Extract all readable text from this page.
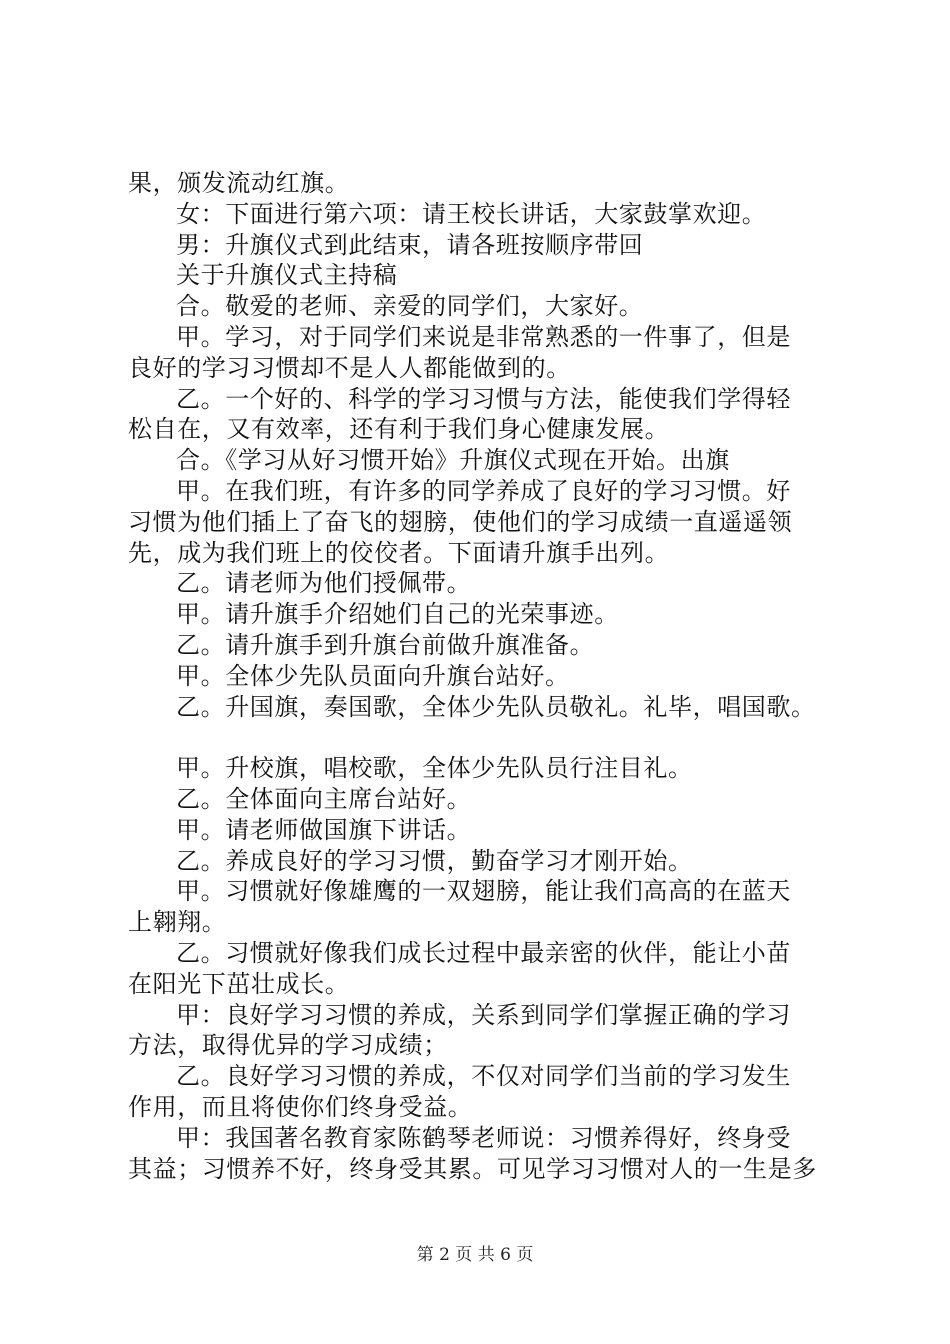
果，颁发流动红旗。
女：下面进行第六项：请王校长讲话，大家鼓掌欢迎。
男：升旗仪式到此结束，请各班按顺序带回
关于升旗仪式主持稿
合。敬爱的老师、亲爱的同学们，大家好。
甲。学习，对于同学们来说是非常熟悉的一件事了，但是
良好的学习习惯却不是人人都能做到的。
乙。一个好的、科学的学习习惯与方法，能使我们学得轻
松自在，又有效率，还有利于我们身心健康发展。
合。《学习从好习惯开始》升旗仪式现在开始。出旗
甲。在我们班，有许多的同学养成了良好的学习习惯。好
习惯为他们插上了奋飞的翅膀，使他们的学习成绩一直遥遥领
先，成为我们班上的佼佼者。下面请升旗手出列。
乙。请老师为他们授佩带。
甲。请升旗手介绍她们自己的光荣事迹。
乙。请升旗手到升旗台前做升旗准备。
甲。全体少先队员面向升旗台站好。
乙。升国旗，奏国歌，全体少先队员敬礼。礼毕，唱国歌。
甲。升校旗，唱校歌，全体少先队员行注目礼。
乙。全体面向主席台站好。
甲。请老师做国旗下讲话。
乙。养成良好的学习习惯，勤奋学习才刚开始。
甲。习惯就好像雄鹰的一双翅膀，能让我们高高的在蓝天
上翱翔。
乙。习惯就好像我们成长过程中最亲密的伙伴，能让小苗
在阳光下茁壮成长。
甲：良好学习习惯的养成，关系到同学们掌握正确的学习
方法，取得优异的学习成绩；
乙。良好学习习惯的养成，不仅对同学们当前的学习发生
作用，而且将使你们终身受益。
甲：我国著名教育家陈鹤琴老师说：习惯养得好，终身受
其益；习惯养不好，终身受其累。可见学习习惯对人的一生是多
第 2 页 共 6 页
